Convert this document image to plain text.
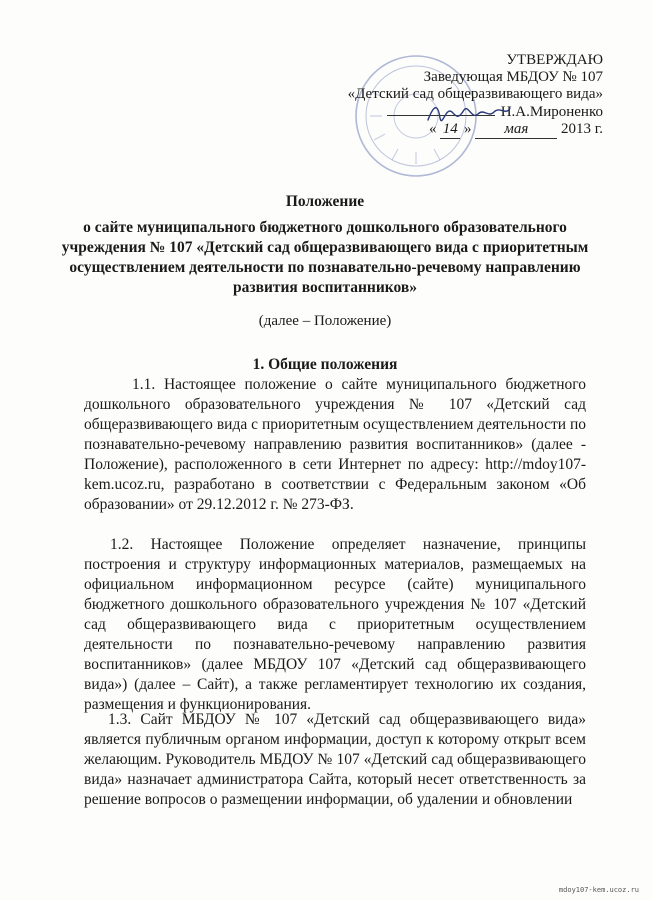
УТВЕРЖДАЮ
Заведующая МБДОУ № 107
«Детский сад общеразвивающего вида»
Н.А.Мироненко
« 14 » мая 2013 г.
Положение
о сайте муниципального бюджетного дошкольного образовательного
учреждения № 107 «Детский сад общеразвивающего вида с приоритетным
осуществлением деятельности по познавательно-речевому направлению
развития воспитанников»
(далее – Положение)
1. Общие положения
1.1. Настоящее положение о сайте муниципального бюджетного дошкольного образовательного учреждения № 107 «Детский сад общеразвивающего вида с приоритетным осуществлением деятельности по познавательно-речевому направлению развития воспитанников» (далее - Положение), расположенного в сети Интернет по адресу: http://mdoy107-kem.ucoz.ru, разработано в соответствии с Федеральным законом «Об образовании» от 29.12.2012 г. № 273-ФЗ.
1.2. Настоящее Положение определяет назначение, принципы построения и структуру информационных материалов, размещаемых на официальном информационном ресурсе (сайте) муниципального бюджетного дошкольного образовательного учреждения № 107 «Детский сад общеразвивающего вида с приоритетным осуществлением деятельности по познавательно-речевому направлению развития воспитанников» (далее МБДОУ 107 «Детский сад общеразвивающего вида») (далее – Сайт), а также регламентирует технологию их создания, размещения и функционирования.
1.3. Сайт МБДОУ № 107 «Детский сад общеразвивающего вида» является публичным органом информации, доступ к которому открыт всем желающим. Руководитель МБДОУ № 107 «Детский сад общеразвивающего вида» назначает администратора Сайта, который несет ответственность за решение вопросов о размещении информации, об удалении и обновлении
mdoy107-kem.ucoz.ru
